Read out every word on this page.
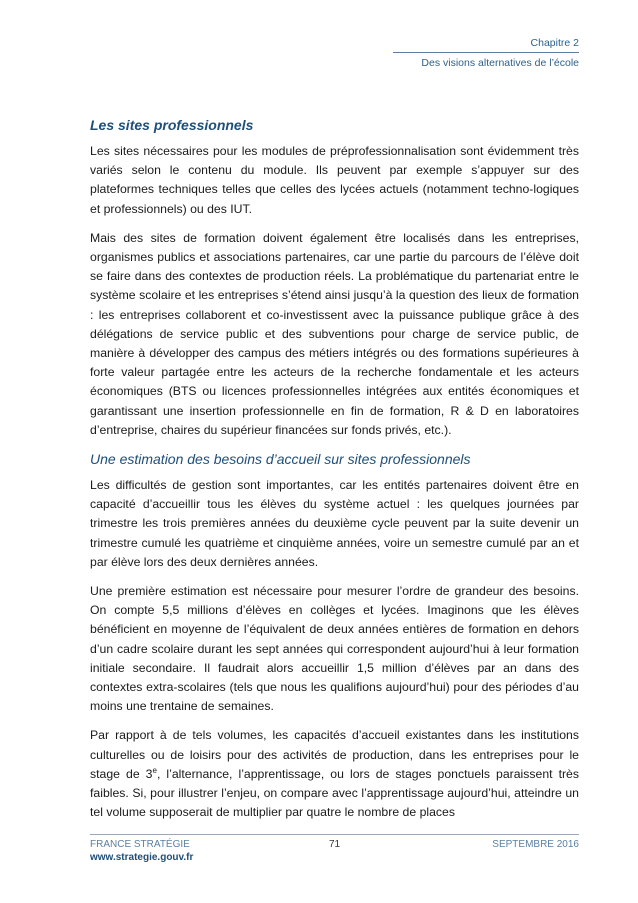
Chapitre 2
Des visions alternatives de l’école
Les sites professionnels

Les sites nécessaires pour les modules de préprofessionnalisation sont évidemment très variés selon le contenu du module. Ils peuvent par exemple s’appuyer sur des plateformes techniques telles que celles des lycées actuels (notamment techno-logiques et professionnels) ou des IUT.

Mais des sites de formation doivent également être localisés dans les entreprises, organismes publics et associations partenaires, car une partie du parcours de l’élève doit se faire dans des contextes de production réels. La problématique du partenariat entre le système scolaire et les entreprises s’étend ainsi jusqu’à la question des lieux de formation : les entreprises collaborent et co-investissent avec la puissance publique grâce à des délégations de service public et des subventions pour charge de service public, de manière à développer des campus des métiers intégrés ou des formations supérieures à forte valeur partagée entre les acteurs de la recherche fondamentale et les acteurs économiques (BTS ou licences professionnelles intégrées aux entités économiques et garantissant une insertion professionnelle en fin de formation, R & D en laboratoires d’entreprise, chaires du supérieur financées sur fonds privés, etc.).

Une estimation des besoins d’accueil sur sites professionnels

Les difficultés de gestion sont importantes, car les entités partenaires doivent être en capacité d’accueillir tous les élèves du système actuel : les quelques journées par trimestre les trois premières années du deuxième cycle peuvent par la suite devenir un trimestre cumulé les quatrième et cinquième années, voire un semestre cumulé par an et par élève lors des deux dernières années.

Une première estimation est nécessaire pour mesurer l’ordre de grandeur des besoins. On compte 5,5 millions d’élèves en collèges et lycées. Imaginons que les élèves bénéficient en moyenne de l’équivalent de deux années entières de formation en dehors d’un cadre scolaire durant les sept années qui correspondent aujourd’hui à leur formation initiale secondaire. Il faudrait alors accueillir 1,5 million d’élèves par an dans des contextes extra-scolaires (tels que nous les qualifions aujourd’hui) pour des périodes d’au moins une trentaine de semaines.

Par rapport à de tels volumes, les capacités d’accueil existantes dans les institutions culturelles ou de loisirs pour des activités de production, dans les entreprises pour le stage de 3e, l’alternance, l’apprentissage, ou lors de stages ponctuels paraissent très faibles. Si, pour illustrer l’enjeu, on compare avec l’apprentissage aujourd’hui, atteindre un tel volume supposerait de multiplier par quatre le nombre de places

FRANCE STRATÉGIE	71	SEPTEMBRE 2016
www.strategie.gouv.fr
